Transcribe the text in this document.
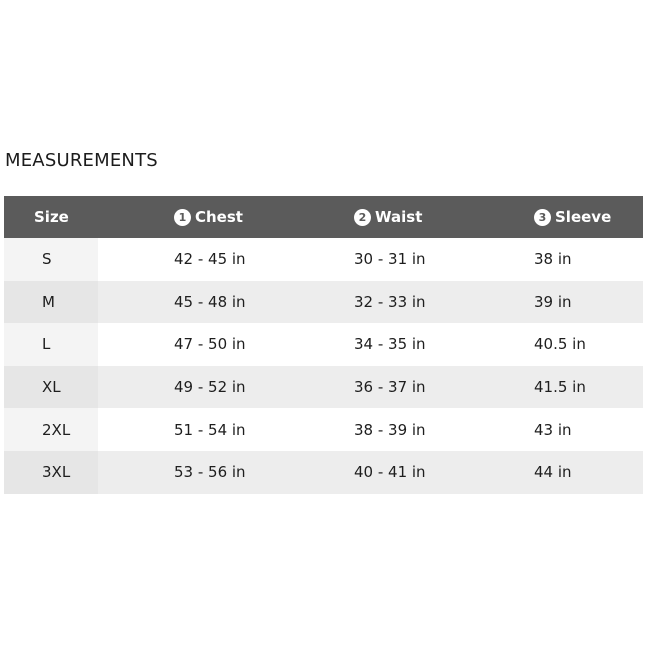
MEASUREMENTS
Size	1 Chest	2 Waist	3 Sleeve
S	42 - 45 in	30 - 31 in	38 in
M	45 - 48 in	32 - 33 in	39 in
L	47 - 50 in	34 - 35 in	40.5 in
XL	49 - 52 in	36 - 37 in	41.5 in
2XL	51 - 54 in	38 - 39 in	43 in
3XL	53 - 56 in	40 - 41 in	44 in
